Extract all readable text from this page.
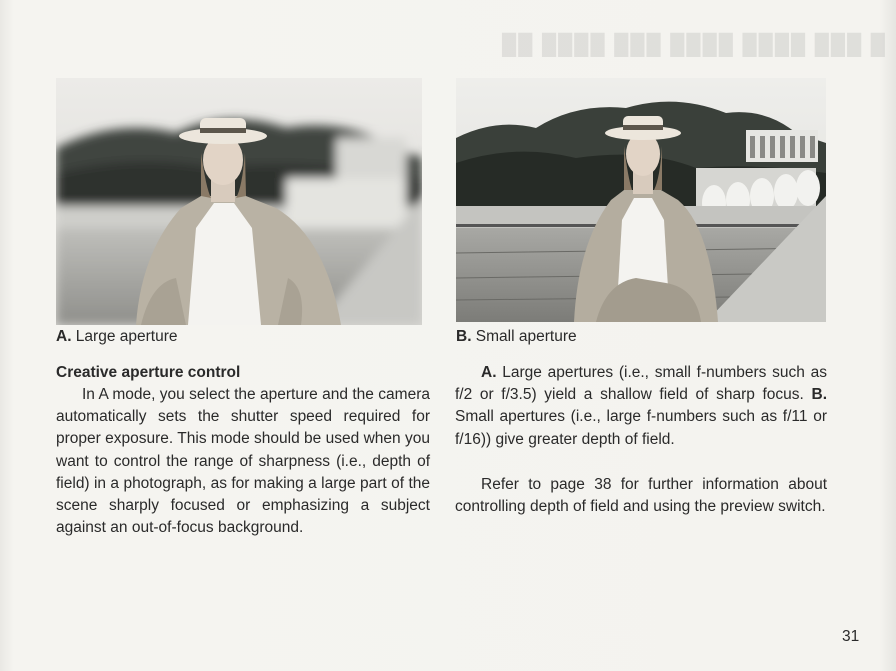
█ ███ ████ ████ ███ ████ ██
A. Large aperture	B. Small aperture
Creative aperture control

In A mode, you select the aperture and the camera automatically sets the shutter speed required for proper exposure. This mode should be used when you want to control the range of sharpness (i.e., depth of field) in a photograph, as for making a large part of the scene sharply focused or emphasizing a subject against an out-of-focus background.

A. Large apertures (i.e., small f-numbers such as f/2 or f/3.5) yield a shallow field of sharp focus. B. Small apertures (i.e., large f-numbers such as f/11 or f/16)) give greater depth of field.

Refer to page 38 for further information about controlling depth of field and using the preview switch.

31
